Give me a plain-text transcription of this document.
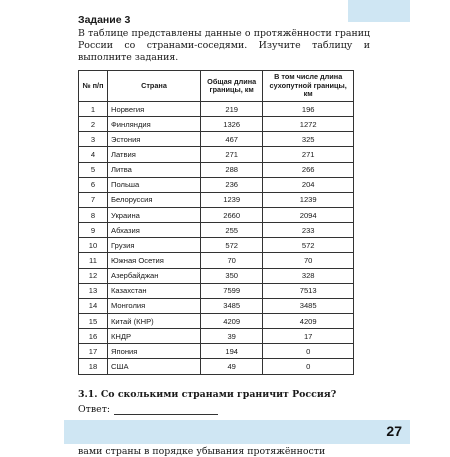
Задание 3

В таблице представлены данные о протяжённости границ России со странами-соседями. Изучите таблицу и выполните задания.

№ п/п	Страна	Общая длина границы, км	В том числе длина сухопутной границы, км
1	Норвегия	219	196
2	Финляндия	1326	1272
3	Эстония	467	325
4	Латвия	271	271
5	Литва	288	266
6	Польша	236	204
7	Белоруссия	1239	1239
8	Украина	2660	2094
9	Абхазия	255	233
10	Грузия	572	572
11	Южная Осетия	70	70
12	Азербайджан	350	328
13	Казахстан	7599	7513
14	Монголия	3485	3485
15	Китай (КНР)	4209	4209
16	КНДР	39	17
17	Япония	194	0
18	США	49	0

3.1. Со сколькими странами граничит Россия?

Ответ:

вами страны в порядке убывания протяжённости

27
